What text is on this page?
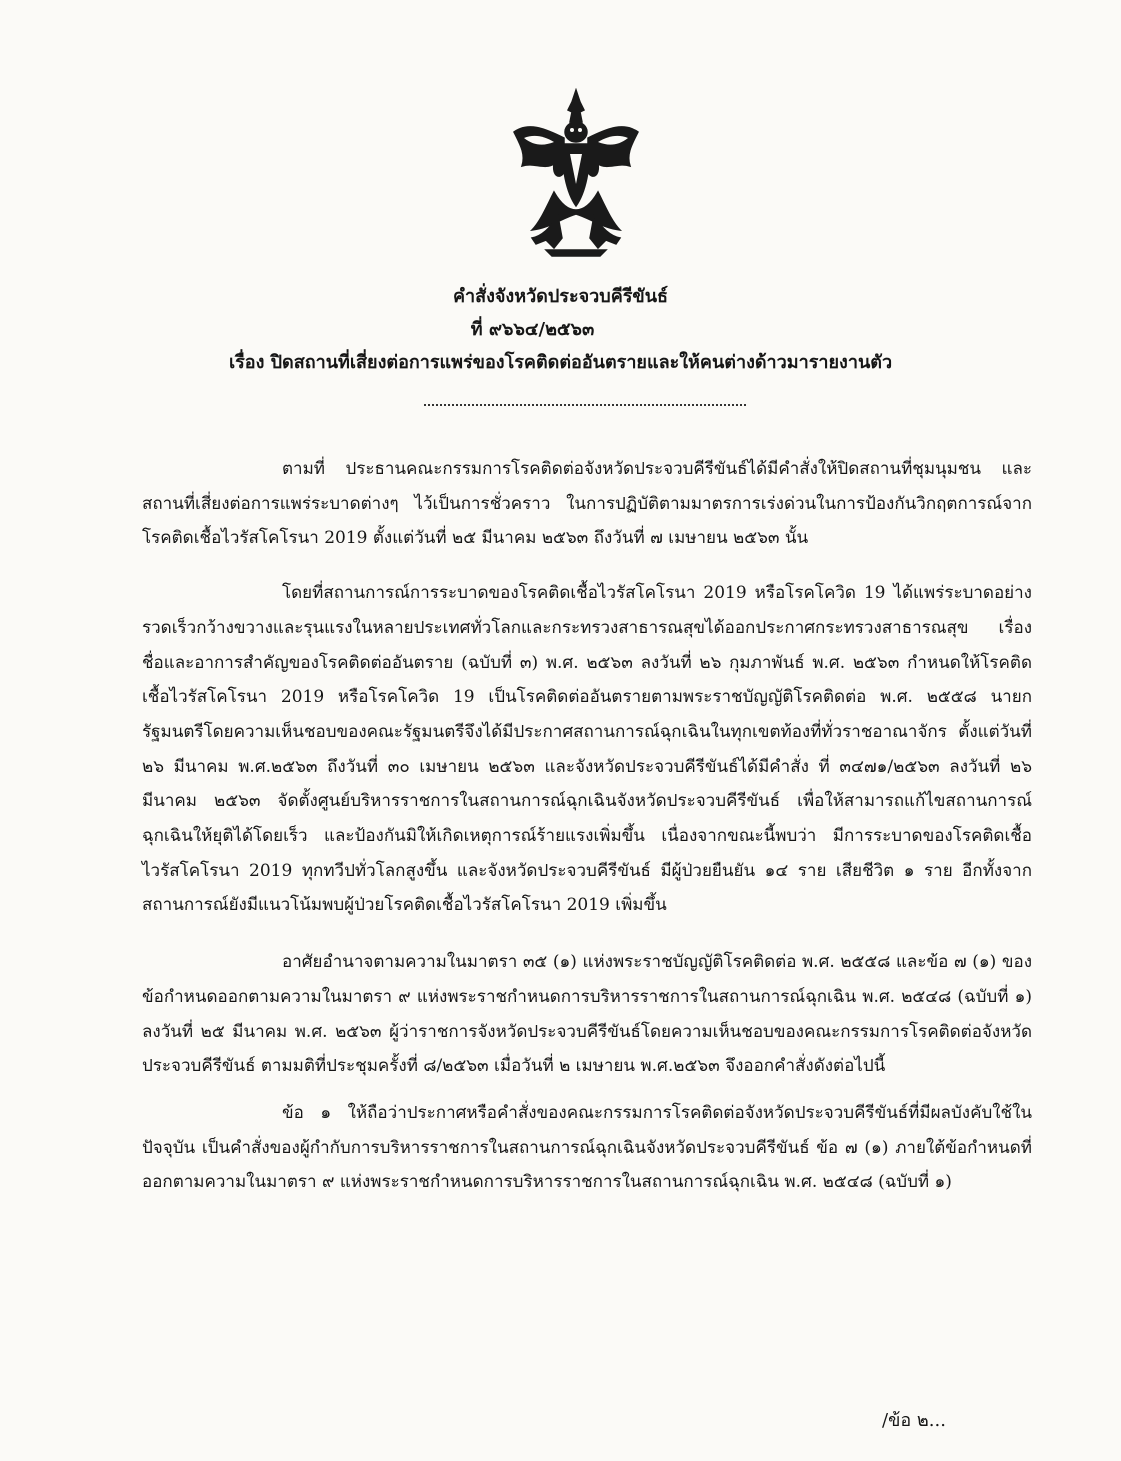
คำสั่งจังหวัดประจวบคีรีขันธ์
ที่ ๙๖๖๔/๒๕๖๓
เรื่อง ปิดสถานที่เสี่ยงต่อการแพร่ของโรคติดต่ออันตรายและให้คนต่างด้าวมารายงานตัว

ตามที่ ประธานคณะกรรมการโรคติดต่อจังหวัดประจวบคีรีขันธ์ได้มีคำสั่งให้ปิดสถานที่ชุมนุมชน และสถานที่เสี่ยงต่อการแพร่ระบาดต่างๆ ไว้เป็นการชั่วคราว ในการปฏิบัติตามมาตรการเร่งด่วนในการป้องกันวิกฤตการณ์จากโรคติดเชื้อไวรัสโคโรนา 2019 ตั้งแต่วันที่ ๒๕ มีนาคม ๒๕๖๓ ถึงวันที่ ๗ เมษายน ๒๕๖๓ นั้น

โดยที่สถานการณ์การระบาดของโรคติดเชื้อไวรัสโคโรนา 2019 หรือโรคโควิด 19 ได้แพร่ระบาดอย่างรวดเร็วกว้างขวางและรุนแรงในหลายประเทศทั่วโลกและกระทรวงสาธารณสุขได้ออกประกาศกระทรวงสาธารณสุข เรื่อง ชื่อและอาการสำคัญของโรคติดต่ออันตราย (ฉบับที่ ๓) พ.ศ. ๒๕๖๓ ลงวันที่ ๒๖ กุมภาพันธ์ พ.ศ. ๒๕๖๓ กำหนดให้โรคติดเชื้อไวรัสโคโรนา 2019 หรือโรคโควิด 19 เป็นโรคติดต่ออันตรายตามพระราชบัญญัติโรคติดต่อ พ.ศ. ๒๕๕๘ นายกรัฐมนตรีโดยความเห็นชอบของคณะรัฐมนตรีจึงได้มีประกาศสถานการณ์ฉุกเฉินในทุกเขตท้องที่ทั่วราชอาณาจักร ตั้งแต่วันที่ ๒๖ มีนาคม พ.ศ.๒๕๖๓ ถึงวันที่ ๓๐ เมษายน ๒๕๖๓ และจังหวัดประจวบคีรีขันธ์ได้มีคำสั่ง ที่ ๓๔๗๑/๒๕๖๓ ลงวันที่ ๒๖ มีนาคม ๒๕๖๓ จัดตั้งศูนย์บริหารราชการในสถานการณ์ฉุกเฉินจังหวัดประจวบคีรีขันธ์ เพื่อให้สามารถแก้ไขสถานการณ์ฉุกเฉินให้ยุติได้โดยเร็ว และป้องกันมิให้เกิดเหตุการณ์ร้ายแรงเพิ่มขึ้น เนื่องจากขณะนี้พบว่า มีการระบาดของโรคติดเชื้อไวรัสโคโรนา 2019 ทุกทวีปทั่วโลกสูงขึ้น และจังหวัดประจวบคีรีขันธ์ มีผู้ป่วยยืนยัน ๑๔ ราย เสียชีวิต ๑ ราย อีกทั้งจากสถานการณ์ยังมีแนวโน้มพบผู้ป่วยโรคติดเชื้อไวรัสโคโรนา 2019 เพิ่มขึ้น

อาศัยอำนาจตามความในมาตรา ๓๕ (๑) แห่งพระราชบัญญัติโรคติดต่อ พ.ศ. ๒๕๕๘ และข้อ ๗ (๑) ของข้อกำหนดออกตามความในมาตรา ๙ แห่งพระราชกำหนดการบริหารราชการในสถานการณ์ฉุกเฉิน พ.ศ. ๒๕๔๘ (ฉบับที่ ๑) ลงวันที่ ๒๕ มีนาคม พ.ศ. ๒๕๖๓ ผู้ว่าราชการจังหวัดประจวบคีรีขันธ์โดยความเห็นชอบของคณะกรรมการโรคติดต่อจังหวัดประจวบคีรีขันธ์ ตามมติที่ประชุมครั้งที่ ๘/๒๕๖๓ เมื่อวันที่ ๒ เมษายน พ.ศ.๒๕๖๓ จึงออกคำสั่งดังต่อไปนี้

ข้อ ๑ ให้ถือว่าประกาศหรือคำสั่งของคณะกรรมการโรคติดต่อจังหวัดประจวบคีรีขันธ์ที่มีผลบังคับใช้ในปัจจุบัน เป็นคำสั่งของผู้กำกับการบริหารราชการในสถานการณ์ฉุกเฉินจังหวัดประจวบคีรีขันธ์ ข้อ ๗ (๑) ภายใต้ข้อกำหนดที่ออกตามความในมาตรา ๙ แห่งพระราชกำหนดการบริหารราชการในสถานการณ์ฉุกเฉิน พ.ศ. ๒๕๔๘ (ฉบับที่ ๑)

/ข้อ ๒...
